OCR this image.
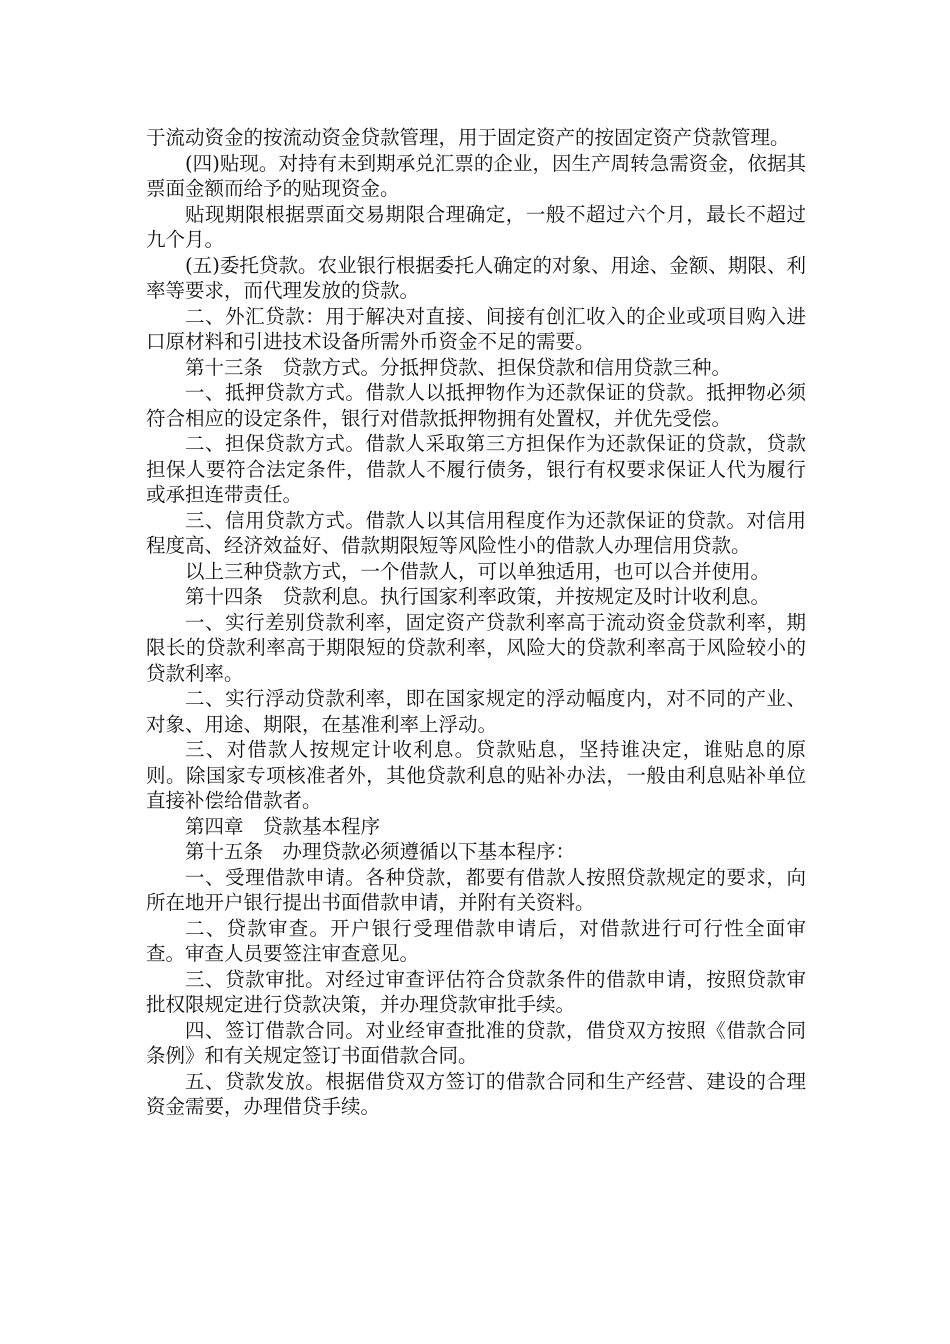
于流动资金的按流动资金贷款管理，用于固定资产的按固定资产贷款管理。

(四)贴现。对持有未到期承兑汇票的企业，因生产周转急需资金，依据其票面金额而给予的贴现资金。

贴现期限根据票面交易期限合理确定，一般不超过六个月，最长不超过九个月。

(五)委托贷款。农业银行根据委托人确定的对象、用途、金额、期限、利率等要求，而代理发放的贷款。

二、外汇贷款：用于解决对直接、间接有创汇收入的企业或项目购入进口原材料和引进技术设备所需外币资金不足的需要。

第十三条　贷款方式。分抵押贷款、担保贷款和信用贷款三种。

一、抵押贷款方式。借款人以抵押物作为还款保证的贷款。抵押物必须符合相应的设定条件，银行对借款抵押物拥有处置权，并优先受偿。

二、担保贷款方式。借款人采取第三方担保作为还款保证的贷款，贷款担保人要符合法定条件，借款人不履行债务，银行有权要求保证人代为履行或承担连带责任。

三、信用贷款方式。借款人以其信用程度作为还款保证的贷款。对信用程度高、经济效益好、借款期限短等风险性小的借款人办理信用贷款。

以上三种贷款方式，一个借款人，可以单独适用，也可以合并使用。

第十四条　贷款利息。执行国家利率政策，并按规定及时计收利息。

一、实行差别贷款利率，固定资产贷款利率高于流动资金贷款利率，期限长的贷款利率高于期限短的贷款利率，风险大的贷款利率高于风险较小的贷款利率。

二、实行浮动贷款利率，即在国家规定的浮动幅度内，对不同的产业、对象、用途、期限，在基准利率上浮动。

三、对借款人按规定计收利息。贷款贴息，坚持谁决定，谁贴息的原则。除国家专项核准者外，其他贷款利息的贴补办法，一般由利息贴补单位直接补偿给借款者。

第四章　贷款基本程序

第十五条　办理贷款必须遵循以下基本程序：

一、受理借款申请。各种贷款，都要有借款人按照贷款规定的要求，向所在地开户银行提出书面借款申请，并附有关资料。

二、贷款审查。开户银行受理借款申请后，对借款进行可行性全面审查。审查人员要签注审查意见。

三、贷款审批。对经过审查评估符合贷款条件的借款申请，按照贷款审批权限规定进行贷款决策，并办理贷款审批手续。

四、签订借款合同。对业经审查批准的贷款，借贷双方按照《借款合同条例》和有关规定签订书面借款合同。

五、贷款发放。根据借贷双方签订的借款合同和生产经营、建设的合理资金需要，办理借贷手续。
